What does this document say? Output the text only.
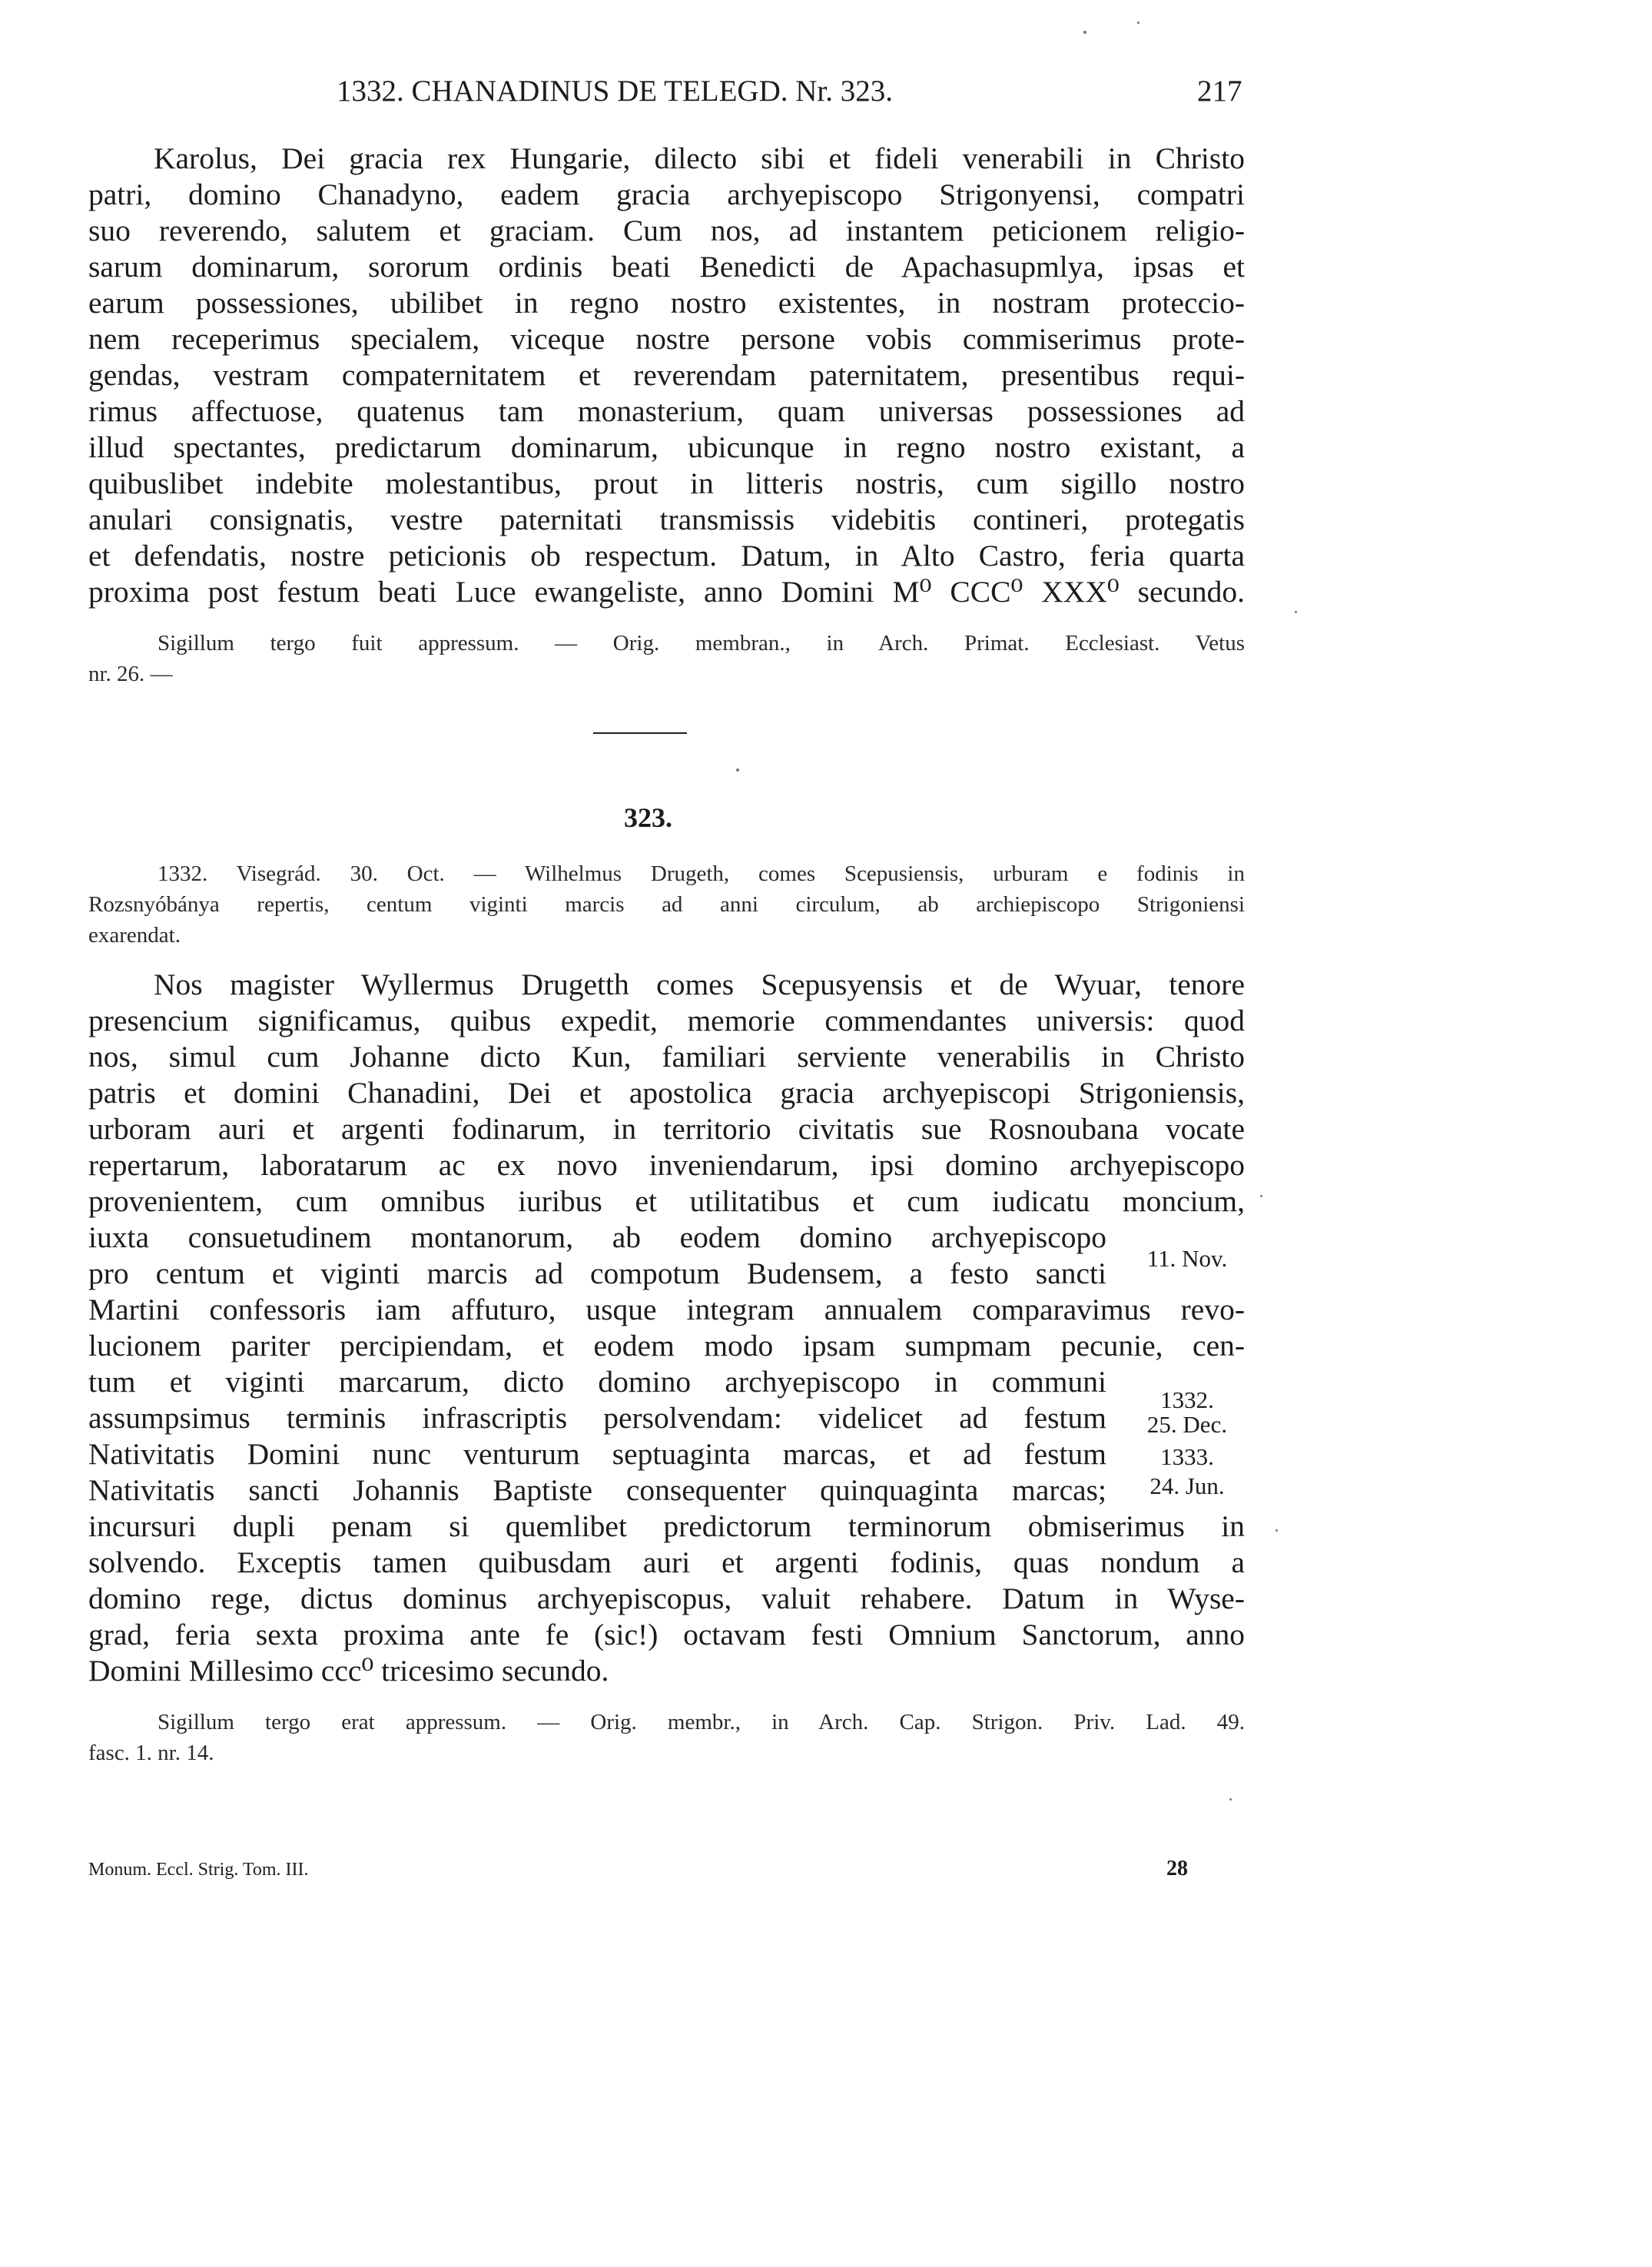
1332. CHANADINUS DE TELEGD. Nr. 323.	217
Karolus, Dei gracia rex Hungarie, dilecto sibi et fideli venerabili in Christo
patri, domino Chanadyno, eadem gracia archyepiscopo Strigonyensi, compatri
suo reverendo, salutem et graciam. Cum nos, ad instantem peticionem religio-
sarum dominarum, sororum ordinis beati Benedicti de Apachasupmlya, ipsas et
earum possessiones, ubilibet in regno nostro existentes, in nostram proteccio-
nem receperimus specialem, viceque nostre persone vobis commiserimus prote-
gendas, vestram compaternitatem et reverendam paternitatem, presentibus requi-
rimus affectuose, quatenus tam monasterium, quam universas possessiones ad
illud spectantes, predictarum dominarum, ubicunque in regno nostro existant, a
quibuslibet indebite molestantibus, prout in litteris nostris, cum sigillo nostro
anulari consignatis, vestre paternitati transmissis videbitis contineri, protegatis
et defendatis, nostre peticionis ob respectum. Datum, in Alto Castro, feria quarta
proxima post festum beati Luce ewangeliste, anno Domini M⁰ CCC⁰ XXX⁰ secundo.
Sigillum tergo fuit appressum. — Orig. membran., in Arch. Primat. Ecclesiast. Vetus
nr. 26. —
323.
1332. Visegrád. 30. Oct. — Wilhelmus Drugeth, comes Scepusiensis, urburam e fodinis in
Rozsnyóbánya repertis, centum viginti marcis ad anni circulum, ab archiepiscopo Strigoniensi
exarendat.
Nos magister Wyllermus Drugetth comes Scepusyensis et de Wyuar, tenore
presencium significamus, quibus expedit, memorie commendantes universis: quod
nos, simul cum Johanne dicto Kun, familiari serviente venerabilis in Christo
patris et domini Chanadini, Dei et apostolica gracia archyepiscopi Strigoniensis,
urboram auri et argenti fodinarum, in territorio civitatis sue Rosnoubana vocate
repertarum, laboratarum ac ex novo inveniendarum, ipsi domino archyepiscopo
provenientem, cum omnibus iuribus et utilitatibus et cum iudicatu moncium,
iuxta consuetudinem montanorum, ab eodem domino archyepiscopo
pro centum et viginti marcis ad compotum Budensem, a festo sancti
Martini confessoris iam affuturo, usque integram annualem comparavimus revo-
lucionem pariter percipiendam, et eodem modo ipsam sumpmam pecunie, cen-
tum et viginti marcarum, dicto domino archyepiscopo in communi
assumpsimus terminis infrascriptis persolvendam: videlicet ad festum
Nativitatis Domini nunc venturum septuaginta marcas, et ad festum
Nativitatis sancti Johannis Baptiste consequenter quinquaginta marcas;
incursuri dupli penam si quemlibet predictorum terminorum obmiserimus in
solvendo. Exceptis tamen quibusdam auri et argenti fodinis, quas nondum a
domino rege, dictus dominus archyepiscopus, valuit rehabere. Datum in Wyse-
grad, feria sexta proxima ante fe (sic!) octavam festi Omnium Sanctorum, anno
Domini Millesimo ccc⁰ tricesimo secundo.
11. Nov.
1332.
25. Dec.
1333.
24. Jun.
Sigillum tergo erat appressum. — Orig. membr., in Arch. Cap. Strigon. Priv. Lad. 49.
fasc. 1. nr. 14.
Monum. Eccl. Strig. Tom. III.	28
